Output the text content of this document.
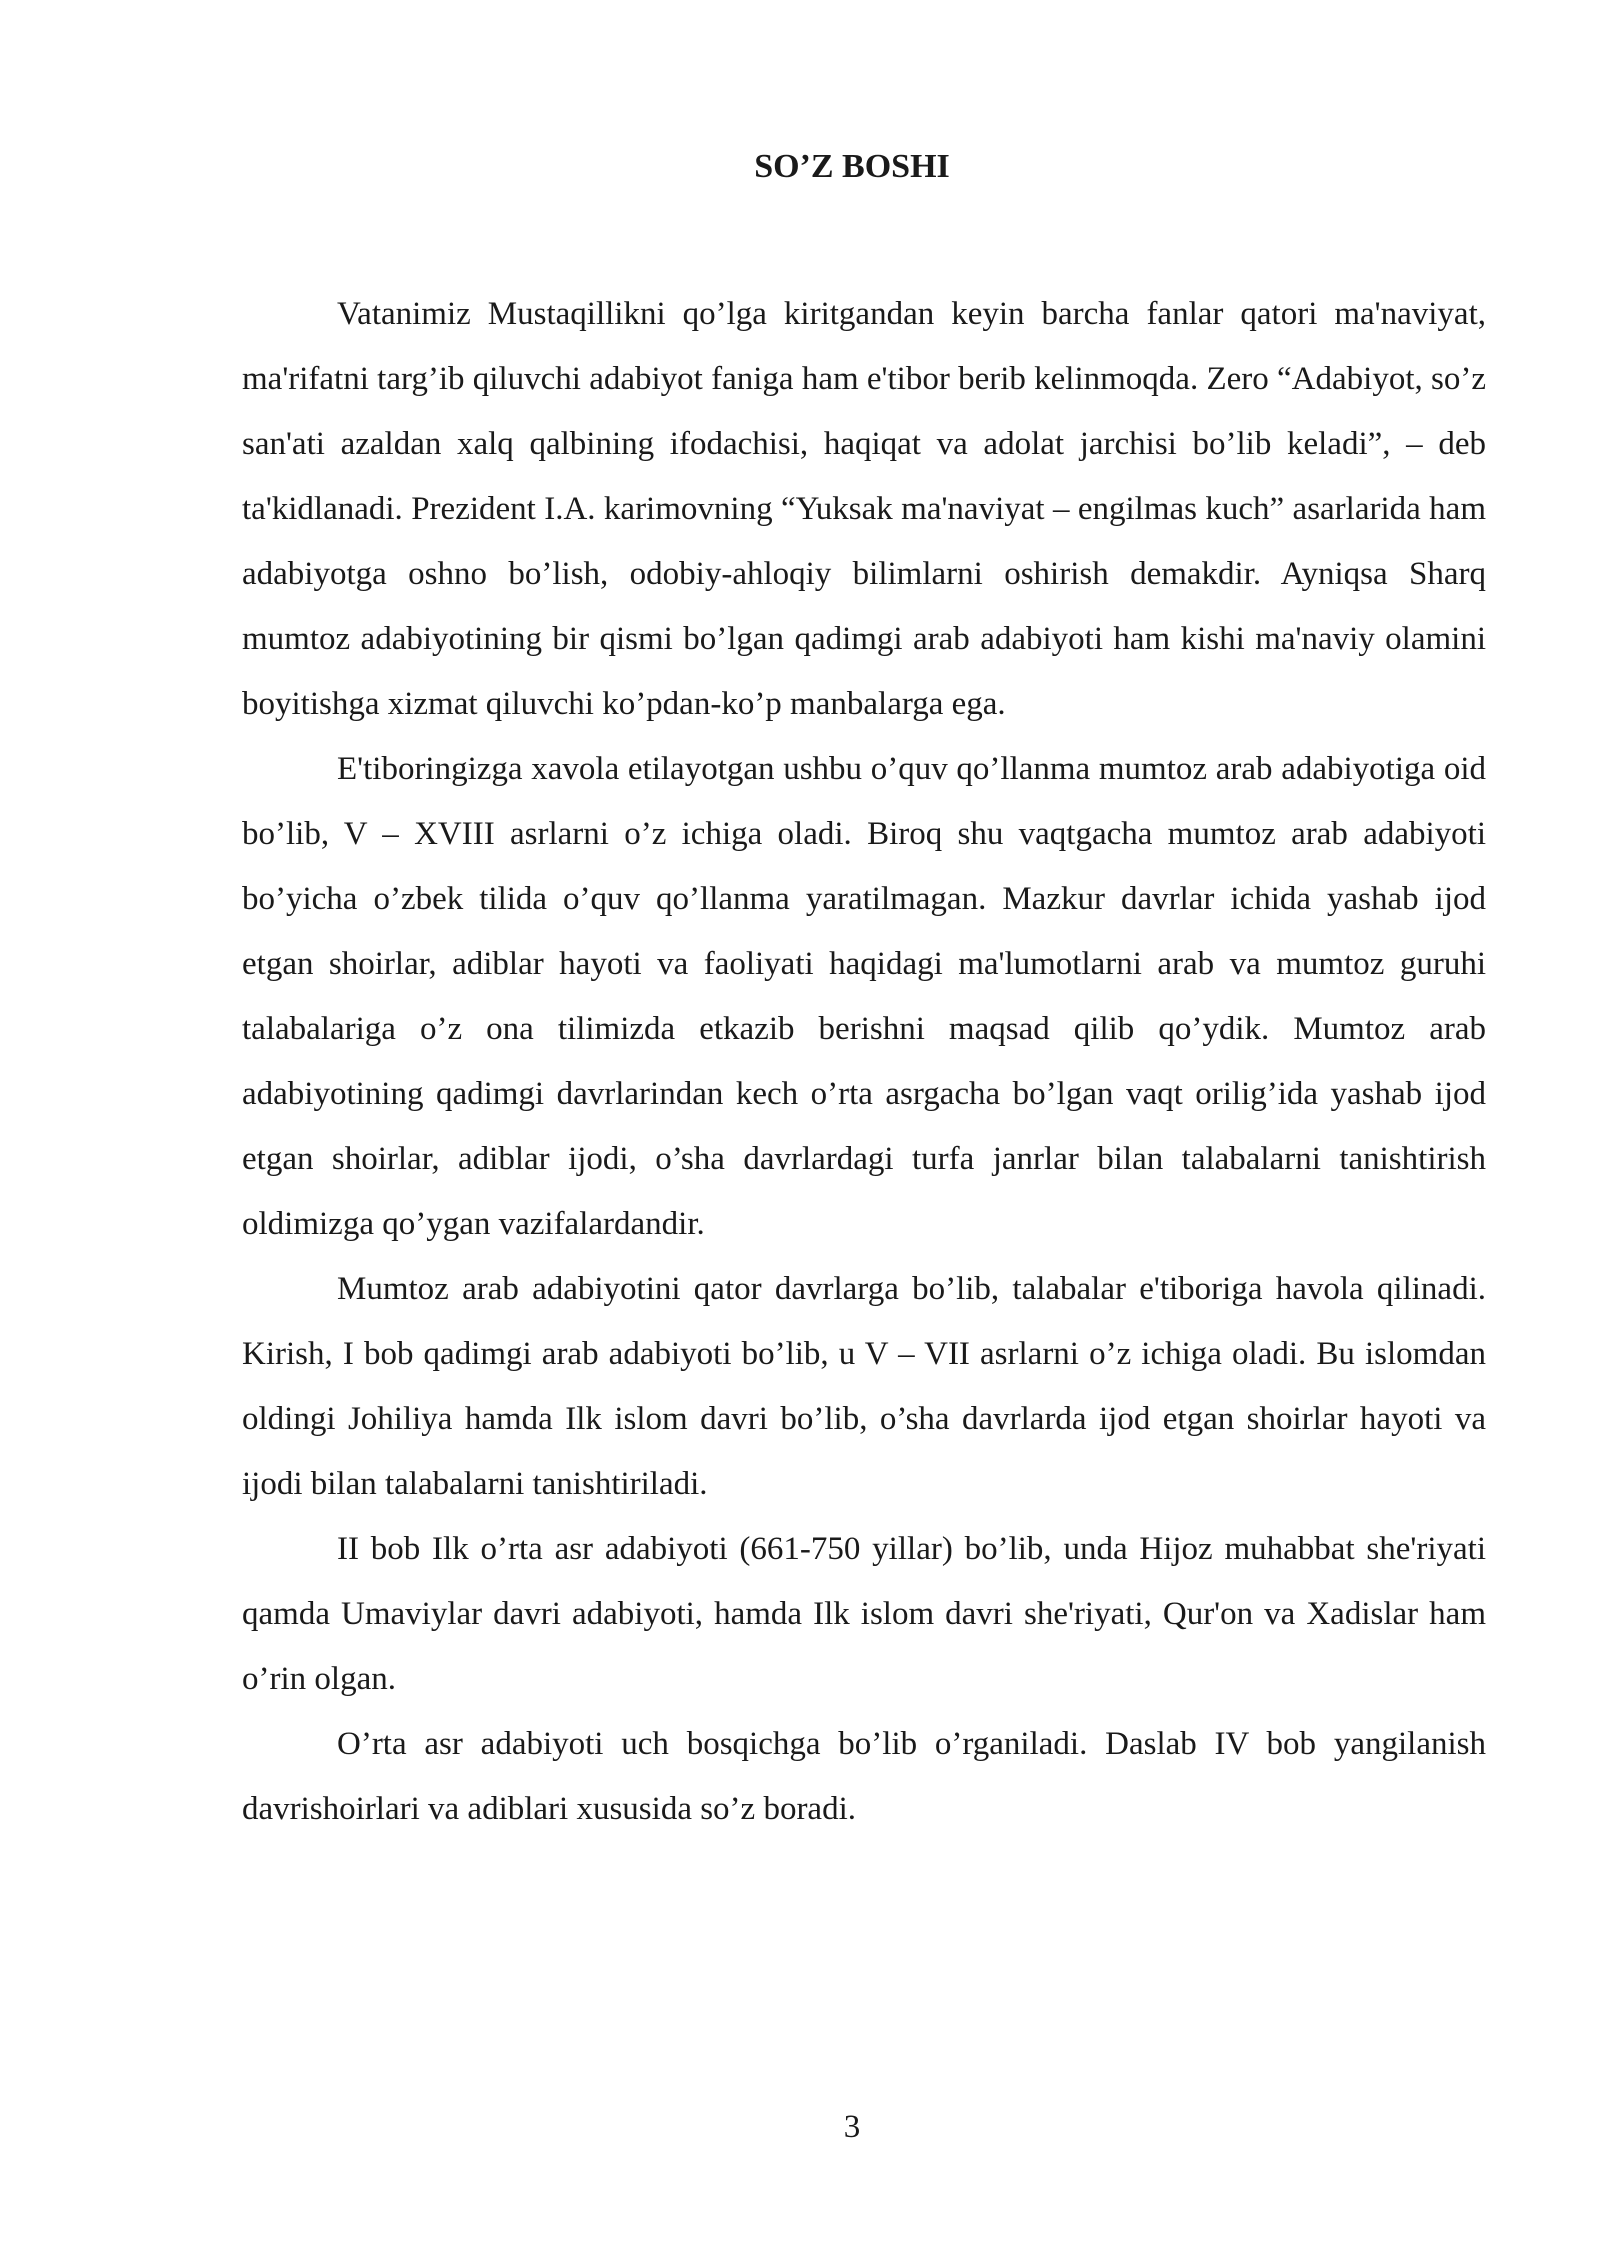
SO’Z BOSHI

Vatanimiz Mustaqillikni qo’lga kiritgandan keyin barcha fanlar qatori ma'naviyat, ma'rifatni targ’ib qiluvchi adabiyot faniga ham e'tibor berib kelinmoqda. Zero “Adabiyot, so’z san'ati azaldan xalq qalbining ifodachisi, haqiqat va adolat jarchisi bo’lib keladi”, – deb ta'kidlanadi. Prezident I.A. karimovning “Yuksak ma'naviyat – engilmas kuch” asarlarida ham adabiyotga oshno bo’lish, odobiy-ahloqiy bilimlarni oshirish demakdir. Ayniqsa Sharq mumtoz adabiyotining bir qismi bo’lgan qadimgi arab adabiyoti ham kishi ma'naviy olamini boyitishga xizmat qiluvchi ko’pdan-ko’p manbalarga ega.

E'tiboringizga xavola etilayotgan ushbu o’quv qo’llanma mumtoz arab adabiyotiga oid bo’lib, V – XVIII asrlarni o’z ichiga oladi. Biroq shu vaqtgacha mumtoz arab adabiyoti bo’yicha o’zbek tilida o’quv qo’llanma yaratilmagan. Mazkur davrlar ichida yashab ijod etgan shoirlar, adiblar hayoti va faoliyati haqidagi ma'lumotlarni arab va mumtoz guruhi talabalariga o’z ona tilimizda etkazib berishni maqsad qilib qo’ydik. Mumtoz arab adabiyotining qadimgi davrlarindan kech o’rta asrgacha bo’lgan vaqt orilig’ida yashab ijod etgan shoirlar, adiblar ijodi, o’sha davrlardagi turfa janrlar bilan talabalarni tanishtirish oldimizga qo’ygan vazifalardandir.

Mumtoz arab adabiyotini qator davrlarga bo’lib, talabalar e'tiboriga havola qilinadi. Kirish, I bob qadimgi arab adabiyoti bo’lib, u V – VII asrlarni o’z ichiga oladi. Bu islomdan oldingi Johiliya hamda Ilk islom davri bo’lib, o’sha davrlarda ijod etgan shoirlar hayoti va ijodi bilan talabalarni tanishtiriladi.

II bob Ilk o’rta asr adabiyoti (661-750 yillar) bo’lib, unda Hijoz muhabbat she'riyati qamda Umaviylar davri adabiyoti, hamda Ilk islom davri she'riyati, Qur'on va Xadislar ham o’rin olgan.

O’rta asr adabiyoti uch bosqichga bo’lib o’rganiladi. Daslab IV bob yangilanish davrishoirlari va adiblari xususida so’z boradi.

3
